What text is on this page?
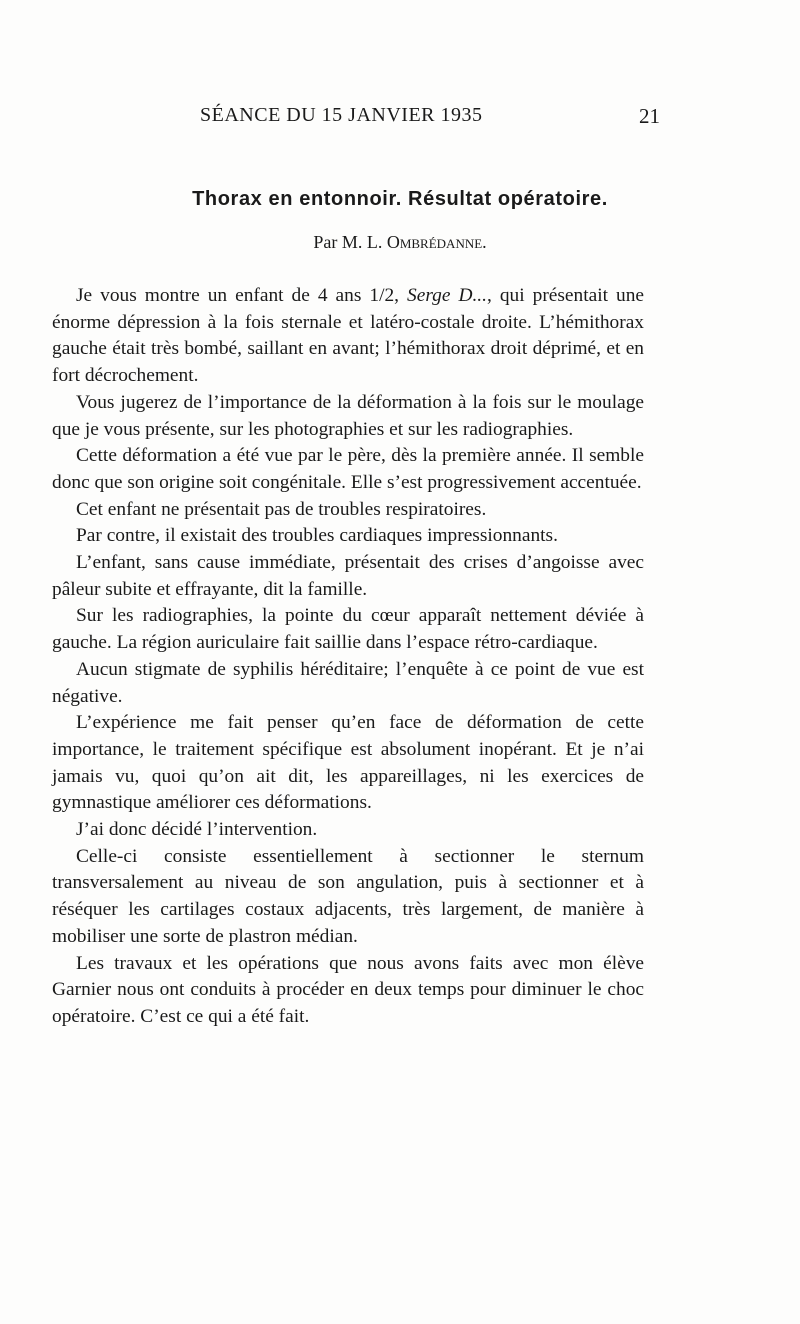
SÉANCE DU 15 JANVIER 1935	21
Thorax en entonnoir. Résultat opératoire.

Par M. L. Ombrédanne.

Je vous montre un enfant de 4 ans 1/2, Serge D..., qui présentait une énorme dépression à la fois sternale et latéro-costale droite. L’hémithorax gauche était très bombé, saillant en avant; l’hémithorax droit déprimé, et en fort décrochement.

Vous jugerez de l’importance de la déformation à la fois sur le moulage que je vous présente, sur les photographies et sur les radiographies.

Cette déformation a été vue par le père, dès la première année. Il semble donc que son origine soit congénitale. Elle s’est progressivement accentuée.

Cet enfant ne présentait pas de troubles respiratoires.

Par contre, il existait des troubles cardiaques impressionnants.

L’enfant, sans cause immédiate, présentait des crises d’angoisse avec pâleur subite et effrayante, dit la famille.

Sur les radiographies, la pointe du cœur apparaît nettement déviée à gauche. La région auriculaire fait saillie dans l’espace rétro-cardiaque.

Aucun stigmate de syphilis héréditaire; l’enquête à ce point de vue est négative.

L’expérience me fait penser qu’en face de déformation de cette importance, le traitement spécifique est absolument inopérant. Et je n’ai jamais vu, quoi qu’on ait dit, les appareillages, ni les exercices de gymnastique améliorer ces déformations.

J’ai donc décidé l’intervention.

Celle-ci consiste essentiellement à sectionner le sternum transversalement au niveau de son angulation, puis à sectionner et à réséquer les cartilages costaux adjacents, très largement, de manière à mobiliser une sorte de plastron médian.

Les travaux et les opérations que nous avons faits avec mon élève Garnier nous ont conduits à procéder en deux temps pour diminuer le choc opératoire. C’est ce qui a été fait.
